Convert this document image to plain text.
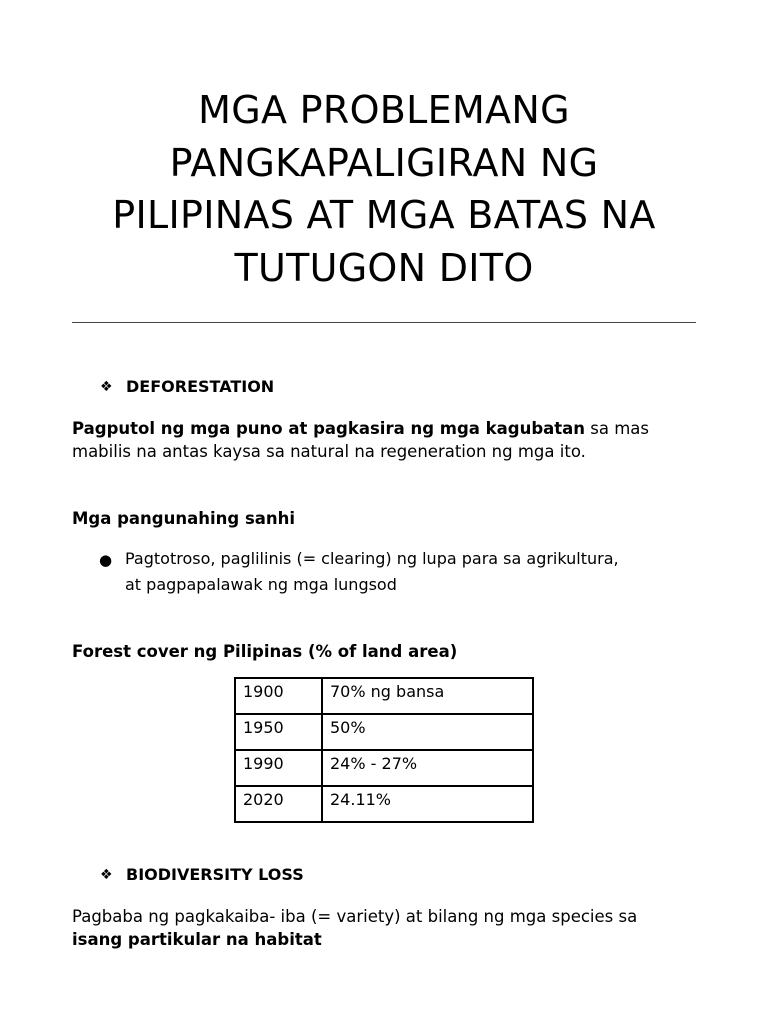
MGA PROBLEMANG
PANGKAPALIGIRAN NG
PILIPINAS AT MGA BATAS NA
TUTUGON DITO
❖ DEFORESTATION
Pagputol ng mga puno at pagkasira ng mga kagubatan sa mas mabilis na antas kaysa sa natural na regeneration ng mga ito.
Mga pangunahing sanhi
● Pagtotroso, paglilinis (= clearing) ng lupa para sa agrikultura,
at pagpapalawak ng mga lungsod
Forest cover ng Pilipinas (% of land area)
1900	70% ng bansa
1950	50%
1990	24% - 27%
2020	24.11%
❖ BIODIVERSITY LOSS
Pagbaba ng pagkakaiba- iba (= variety) at bilang ng mga species sa
isang partikular na habitat
